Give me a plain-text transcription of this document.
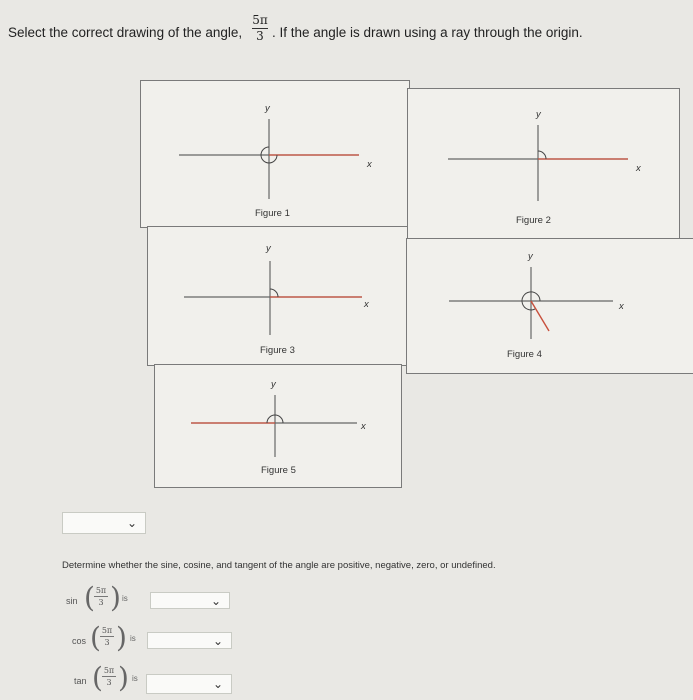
Select the correct drawing of the angle,
5π
3 . If the angle is drawn using a ray through the origin.
y
x
Figure 1
y
x
Figure 2
y
x
Figure 3
y
x
Figure 4
y
x
Figure 5
⌄
Determine whether the sine, cosine, and tangent of the angle are positive, negative, zero, or undefined.
sin ( 5π
3 ) is	⌄
cos ( 5π
3 ) is	⌄
tan ( 5π
3 ) is	⌄
